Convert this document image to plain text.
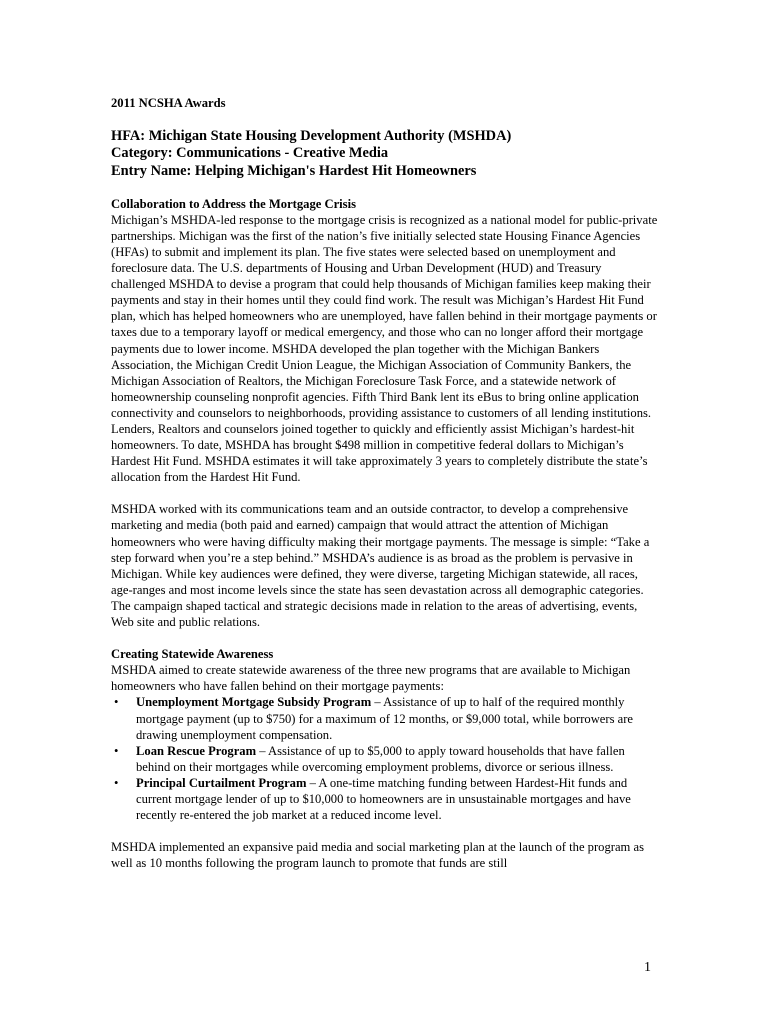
2011 NCSHA Awards

HFA: Michigan State Housing Development Authority (MSHDA)

Category: Communications - Creative Media

Entry Name: Helping Michigan's Hardest Hit Homeowners

Collaboration to Address the Mortgage Crisis

Michigan’s MSHDA-led response to the mortgage crisis is recognized as a national model for public-private partnerships. Michigan was the first of the nation’s five initially selected state Housing Finance Agencies (HFAs) to submit and implement its plan. The five states were selected based on unemployment and foreclosure data. The U.S. departments of Housing and Urban Development (HUD) and Treasury challenged MSHDA to devise a program that could help thousands of Michigan families keep making their payments and stay in their homes until they could find work. The result was Michigan’s Hardest Hit Fund plan, which has helped homeowners who are unemployed, have fallen behind in their mortgage payments or taxes due to a temporary layoff or medical emergency, and those who can no longer afford their mortgage payments due to lower income. MSHDA developed the plan together with the Michigan Bankers Association, the Michigan Credit Union League, the Michigan Association of Community Bankers, the Michigan Association of Realtors, the Michigan Foreclosure Task Force, and a statewide network of homeownership counseling nonprofit agencies. Fifth Third Bank lent its eBus to bring online application connectivity and counselors to neighborhoods, providing assistance to customers of all lending institutions. Lenders, Realtors and counselors joined together to quickly and efficiently assist Michigan’s hardest-hit homeowners. To date, MSHDA has brought $498 million in competitive federal dollars to Michigan’s Hardest Hit Fund. MSHDA estimates it will take approximately 3 years to completely distribute the state’s allocation from the Hardest Hit Fund.

MSHDA worked with its communications team and an outside contractor, to develop a comprehensive marketing and media (both paid and earned) campaign that would attract the attention of Michigan homeowners who were having difficulty making their mortgage payments. The message is simple: “Take a step forward when you’re a step behind.” MSHDA’s audience is as broad as the problem is pervasive in Michigan. While key audiences were defined, they were diverse, targeting Michigan statewide, all races, age-ranges and most income levels since the state has seen devastation across all demographic categories. The campaign shaped tactical and strategic decisions made in relation to the areas of advertising, events, Web site and public relations.

Creating Statewide Awareness

MSHDA aimed to create statewide awareness of the three new programs that are available to Michigan homeowners who have fallen behind on their mortgage payments:

• Unemployment Mortgage Subsidy Program – Assistance of up to half of the required monthly mortgage payment (up to $750) for a maximum of 12 months, or $9,000 total, while borrowers are drawing unemployment compensation.
• Loan Rescue Program – Assistance of up to $5,000 to apply toward households that have fallen behind on their mortgages while overcoming employment problems, divorce or serious illness.
• Principal Curtailment Program – A one-time matching funding between Hardest-Hit funds and current mortgage lender of up to $10,000 to homeowners are in unsustainable mortgages and have recently re-entered the job market at a reduced income level.

MSHDA implemented an expansive paid media and social marketing plan at the launch of the program as well as 10 months following the program launch to promote that funds are still

1
